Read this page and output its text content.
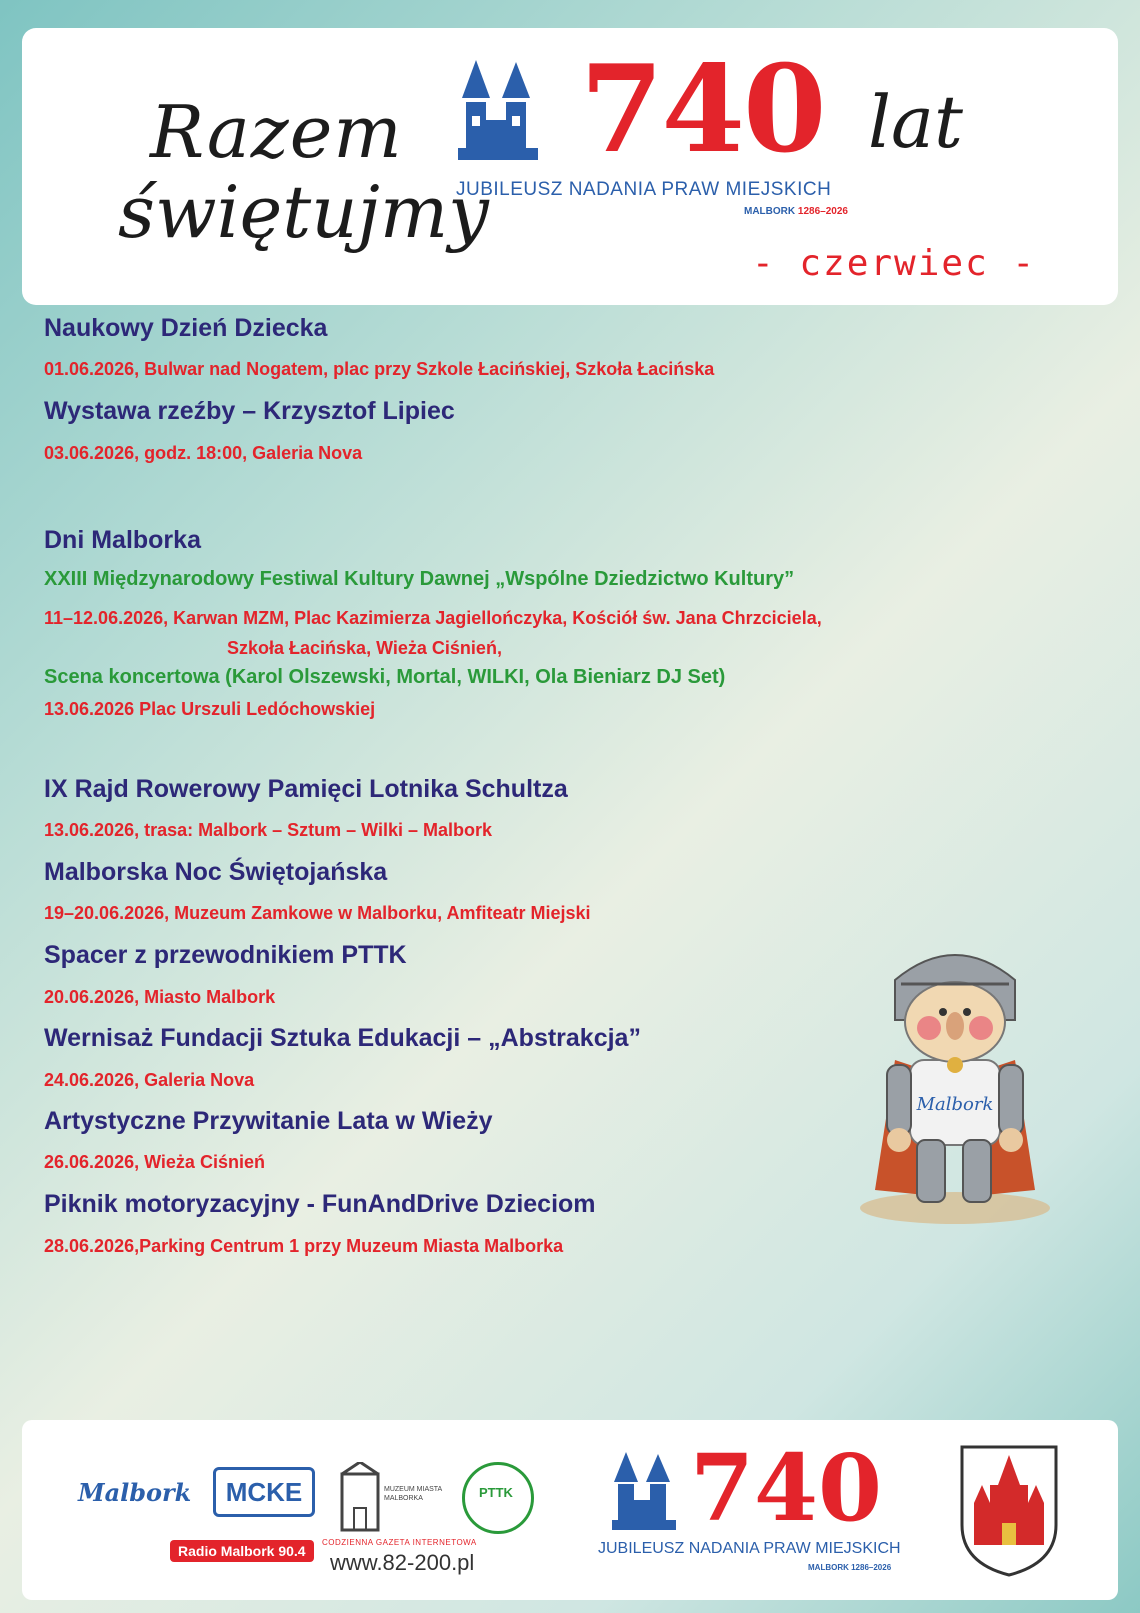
Razem
świętujmy
740 lat
JUBILEUSZ NADANIA PRAW MIEJSKICH
MALBORK 1286–2026
- czerwiec -
Naukowy Dzień Dziecka
01.06.2026, Bulwar nad Nogatem, plac przy Szkole Łacińskiej, Szkoła Łacińska
Wystawa rzeźby – Krzysztof Lipiec
03.06.2026, godz. 18:00, Galeria Nova
Dni Malborka
XXIII Międzynarodowy Festiwal Kultury Dawnej „Wspólne Dziedzictwo Kultury”
11–12.06.2026, Karwan MZM, Plac Kazimierza Jagiellończyka, Kościół św. Jana Chrzciciela,
Szkoła Łacińska, Wieża Ciśnień,
Scena koncertowa (Karol Olszewski, Mortal, WILKI, Ola Bieniarz DJ Set)
13.06.2026 Plac Urszuli Ledóchowskiej
IX Rajd Rowerowy Pamięci Lotnika Schultza
13.06.2026, trasa: Malbork – Sztum – Wilki – Malbork
Malborska Noc Świętojańska
19–20.06.2026, Muzeum Zamkowe w Malborku, Amfiteatr Miejski
Spacer z przewodnikiem PTTK
20.06.2026, Miasto Malbork
Wernisaż Fundacji Sztuka Edukacji – „Abstrakcja”
24.06.2026, Galeria Nova
Artystyczne Przywitanie Lata w Wieży
26.06.2026, Wieża Ciśnień
Piknik motoryzacyjny - FunAndDrive Dzieciom
28.06.2026,Parking Centrum 1 przy Muzeum Miasta Malborka
Malbork
Malbork	MCKE
Radio Malbork 90.4
MUZEUM MIASTA MALBORKA	PTTK
CODZIENNA GAZETA INTERNETOWA
www.82-200.pl
740
JUBILEUSZ NADANIA PRAW MIEJSKICH
MALBORK 1286–2026
